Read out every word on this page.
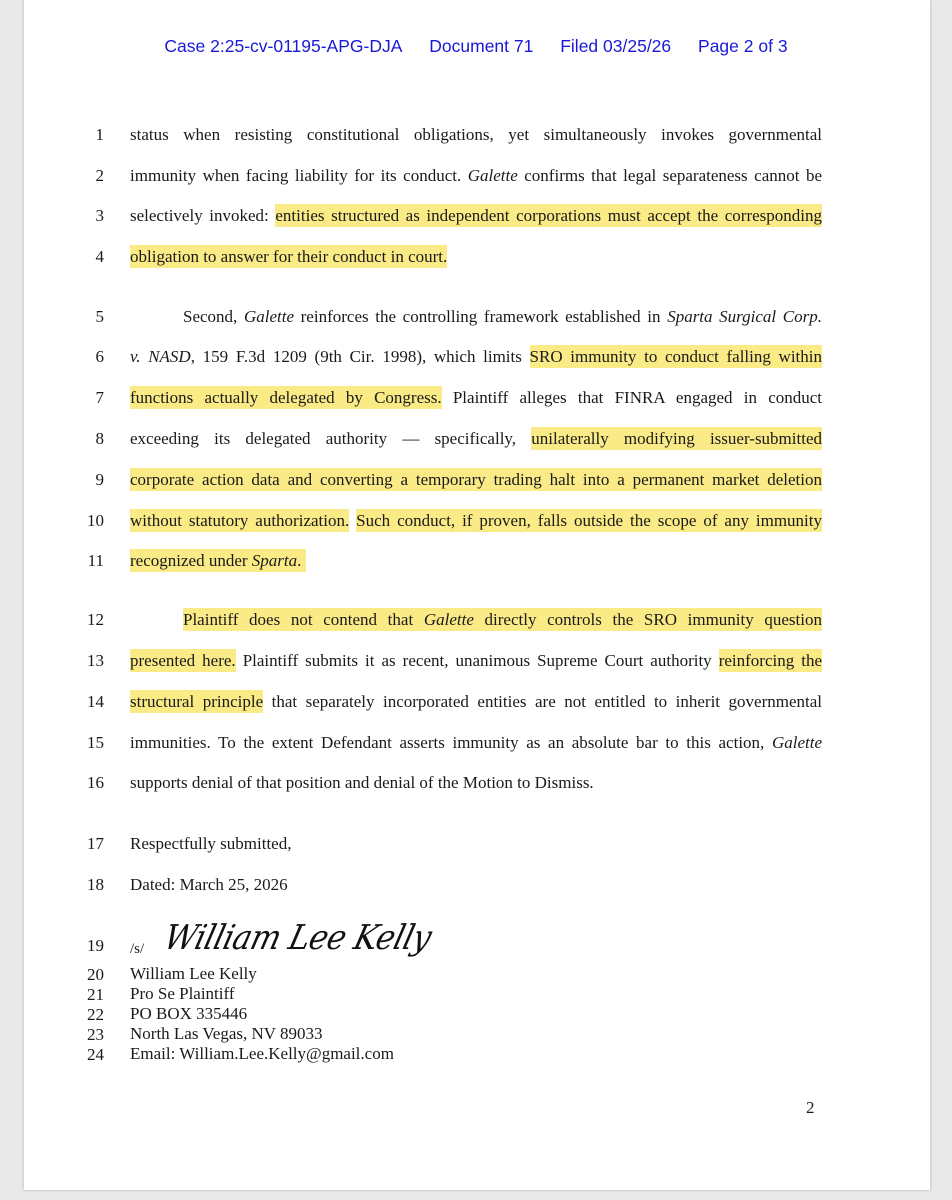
Case 2:25-cv-01195-APG-DJA Document 71 Filed 03/25/26 Page 2 of 3
1
2
3
4
5
6
7
8
9
10
11
12
13
14
15
16
17
18
19
20
21
22
23
24
status when resisting constitutional obligations, yet simultaneously invokes governmental
immunity when facing liability for its conduct. Galette confirms that legal separateness cannot be
selectively invoked: entities structured as independent corporations must accept the corresponding
obligation to answer for their conduct in court.
Second, Galette reinforces the controlling framework established in Sparta Surgical Corp.
v. NASD, 159 F.3d 1209 (9th Cir. 1998), which limits SRO immunity to conduct falling within
functions actually delegated by Congress. Plaintiff alleges that FINRA engaged in conduct
exceeding its delegated authority — specifically, unilaterally modifying issuer-submitted
corporate action data and converting a temporary trading halt into a permanent market deletion
without statutory authorization. Such conduct, if proven, falls outside the scope of any immunity
recognized under Sparta.
Plaintiff does not contend that Galette directly controls the SRO immunity question
presented here. Plaintiff submits it as recent, unanimous Supreme Court authority reinforcing the
structural principle that separately incorporated entities are not entitled to inherit governmental
immunities. To the extent Defendant asserts immunity as an absolute bar to this action, Galette
supports denial of that position and denial of the Motion to Dismiss.
Respectfully submitted,
Dated: March 25, 2026
/s/ William Lee Kelly
William Lee Kelly
Pro Se Plaintiff
PO BOX 335446
North Las Vegas, NV 89033
Email: William.Lee.Kelly@gmail.com
2
